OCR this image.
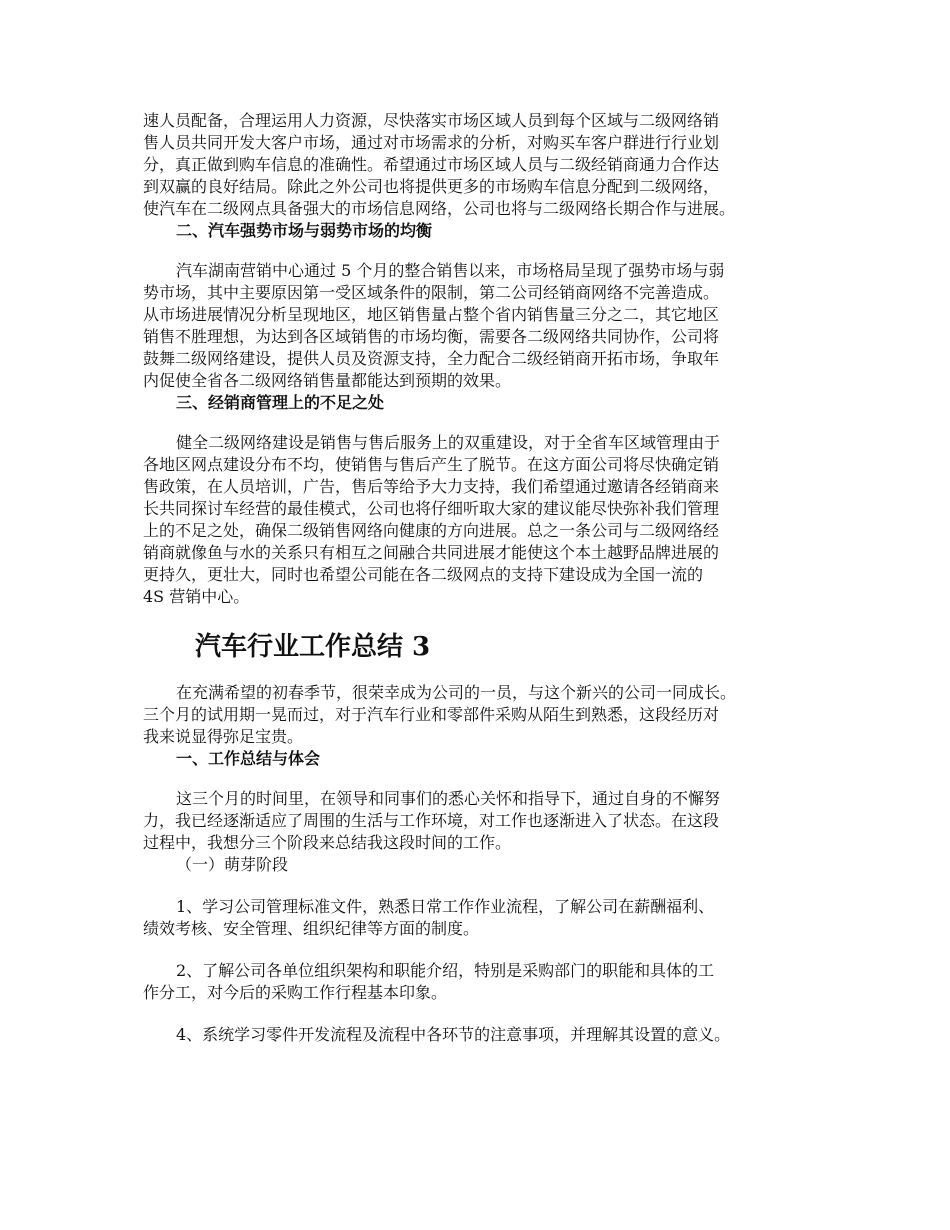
速人员配备，合理运用人力资源，尽快落实市场区域人员到每个区域与二级网络销
售人员共同开发大客户市场，通过对市场需求的分析，对购买车客户群进行行业划
分，真正做到购车信息的准确性。希望通过市场区域人员与二级经销商通力合作达
到双赢的良好结局。除此之外公司也将提供更多的市场购车信息分配到二级网络，
使汽车在二级网点具备强大的市场信息网络，公司也将与二级网络长期合作与进展。

二、汽车强势市场与弱势市场的均衡

汽车湖南营销中心通过 5 个月的整合销售以来，市场格局呈现了强势市场与弱
势市场，其中主要原因第一受区域条件的限制，第二公司经销商网络不完善造成。
从市场进展情况分析呈现地区，地区销售量占整个省内销售量三分之二，其它地区
销售不胜理想，为达到各区域销售的市场均衡，需要各二级网络共同协作，公司将
鼓舞二级网络建设，提供人员及资源支持，全力配合二级经销商开拓市场，争取年
内促使全省各二级网络销售量都能达到预期的效果。

三、经销商管理上的不足之处

健全二级网络建设是销售与售后服务上的双重建设，对于全省车区域管理由于
各地区网点建设分布不均，使销售与售后产生了脱节。在这方面公司将尽快确定销
售政策，在人员培训，广告，售后等给予大力支持，我们希望通过邀请各经销商来
长共同探讨车经营的最佳模式，公司也将仔细听取大家的建议能尽快弥补我们管理
上的不足之处，确保二级销售网络向健康的方向进展。总之一条公司与二级网络经
销商就像鱼与水的关系只有相互之间融合共同进展才能使这个本土越野品牌进展的
更持久，更壮大，同时也希望公司能在各二级网点的支持下建设成为全国一流的
4S 营销中心。

汽车行业工作总结 3

在充满希望的初春季节，很荣幸成为公司的一员，与这个新兴的公司一同成长。
三个月的试用期一晃而过，对于汽车行业和零部件采购从陌生到熟悉，这段经历对
我来说显得弥足宝贵。

一、工作总结与体会

这三个月的时间里，在领导和同事们的悉心关怀和指导下，通过自身的不懈努
力，我已经逐渐适应了周围的生活与工作环境，对工作也逐渐进入了状态。在这段
过程中，我想分三个阶段来总结我这段时间的工作。

（一）萌芽阶段

1、学习公司管理标准文件，熟悉日常工作作业流程，了解公司在薪酬福利、
绩效考核、安全管理、组织纪律等方面的制度。

2、了解公司各单位组织架构和职能介绍，特别是采购部门的职能和具体的工
作分工，对今后的采购工作行程基本印象。

4、系统学习零件开发流程及流程中各环节的注意事项，并理解其设置的意义。
